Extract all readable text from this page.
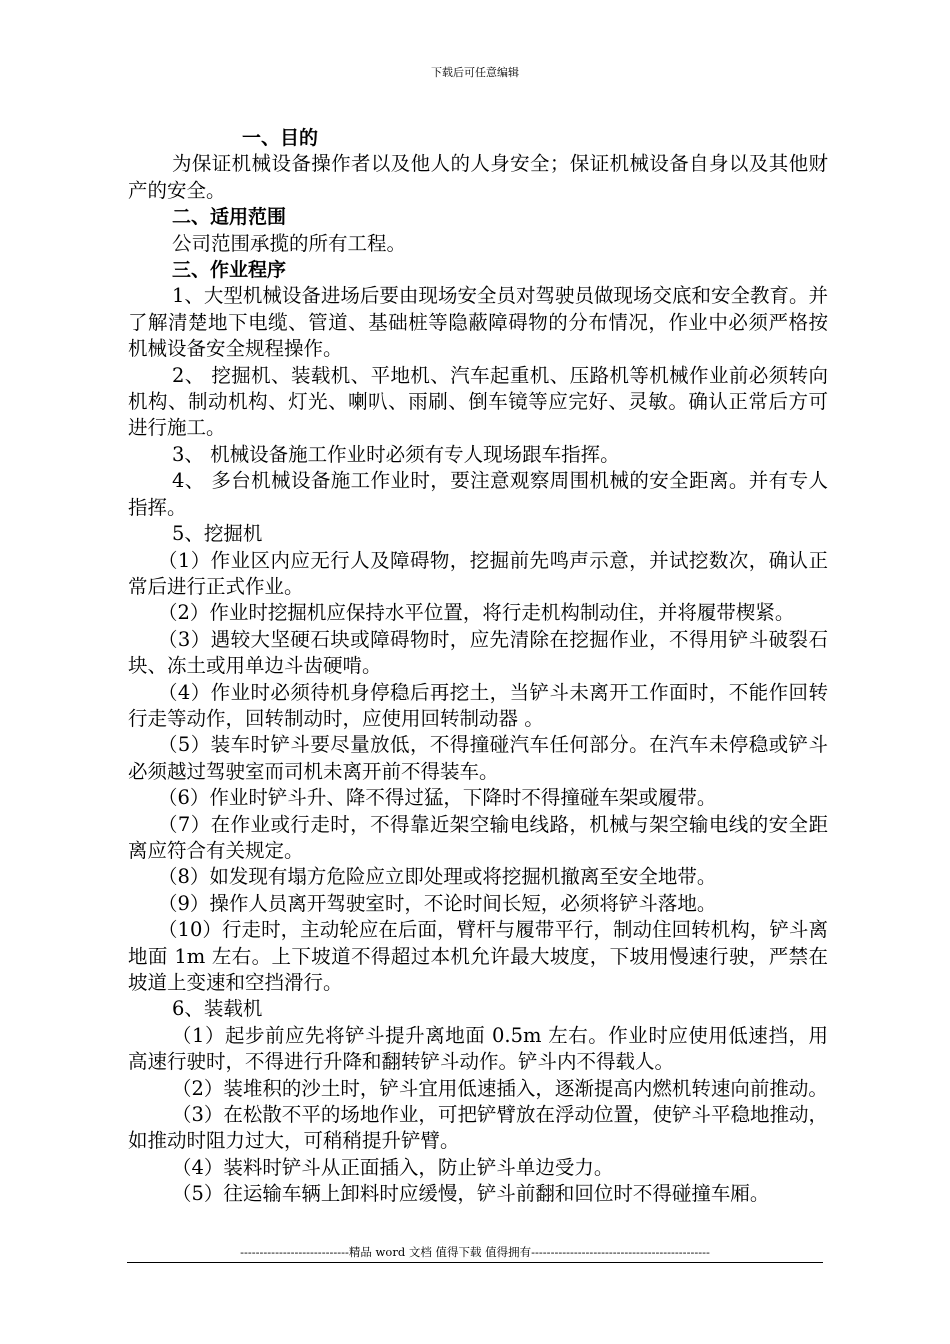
下载后可任意编辑

一、目的

为保证机械设备操作者以及他人的人身安全；保证机械设备自身以及其他财产的安全。

二、适用范围

公司范围承揽的所有工程。

三、作业程序

1、大型机械设备进场后要由现场安全员对驾驶员做现场交底和安全教育。并了解清楚地下电缆、管道、基础桩等隐蔽障碍物的分布情况，作业中必须严格按机械设备安全规程操作。

2、 挖掘机、装载机、平地机、汽车起重机、压路机等机械作业前必须转向机构、制动机构、灯光、喇叭、雨刷、倒车镜等应完好、灵敏。确认正常后方可进行施工。

3、 机械设备施工作业时必须有专人现场跟车指挥。

4、 多台机械设备施工作业时，要注意观察周围机械的安全距离。并有专人指挥。

5、挖掘机

（1）作业区内应无行人及障碍物，挖掘前先鸣声示意，并试挖数次，确认正常后进行正式作业。

（2）作业时挖掘机应保持水平位置，将行走机构制动住，并将履带楔紧。

（3）遇较大坚硬石块或障碍物时，应先清除在挖掘作业，不得用铲斗破裂石块、冻土或用单边斗齿硬啃。

（4）作业时必须待机身停稳后再挖土，当铲斗未离开工作面时，不能作回转行走等动作，回转制动时，应使用回转制动器 。

（5）装车时铲斗要尽量放低，不得撞碰汽车任何部分。在汽车未停稳或铲斗必须越过驾驶室而司机未离开前不得装车。

（6）作业时铲斗升、降不得过猛，下降时不得撞碰车架或履带。

（7）在作业或行走时，不得靠近架空输电线路，机械与架空输电线的安全距离应符合有关规定。

（8）如发现有塌方危险应立即处理或将挖掘机撤离至安全地带。

（9）操作人员离开驾驶室时，不论时间长短，必须将铲斗落地。

（10）行走时，主动轮应在后面，臂杆与履带平行，制动住回转机构，铲斗离地面 1m 左右。上下坡道不得超过本机允许最大坡度，下坡用慢速行驶，严禁在坡道上变速和空挡滑行。

6、装载机

（1）起步前应先将铲斗提升离地面 0.5m 左右。作业时应使用低速挡，用高速行驶时，不得进行升降和翻转铲斗动作。铲斗内不得载人。

（2）装堆积的沙土时，铲斗宜用低速插入，逐渐提高内燃机转速向前推动。

（3）在松散不平的场地作业，可把铲臂放在浮动位置，使铲斗平稳地推动，如推动时阻力过大，可稍稍提升铲臂。

（4）装料时铲斗从正面插入，防止铲斗单边受力。

（5）往运输车辆上卸料时应缓慢，铲斗前翻和回位时不得碰撞车厢。

----------------------------精品 word 文档 值得下载 值得拥有----------------------------------------------
